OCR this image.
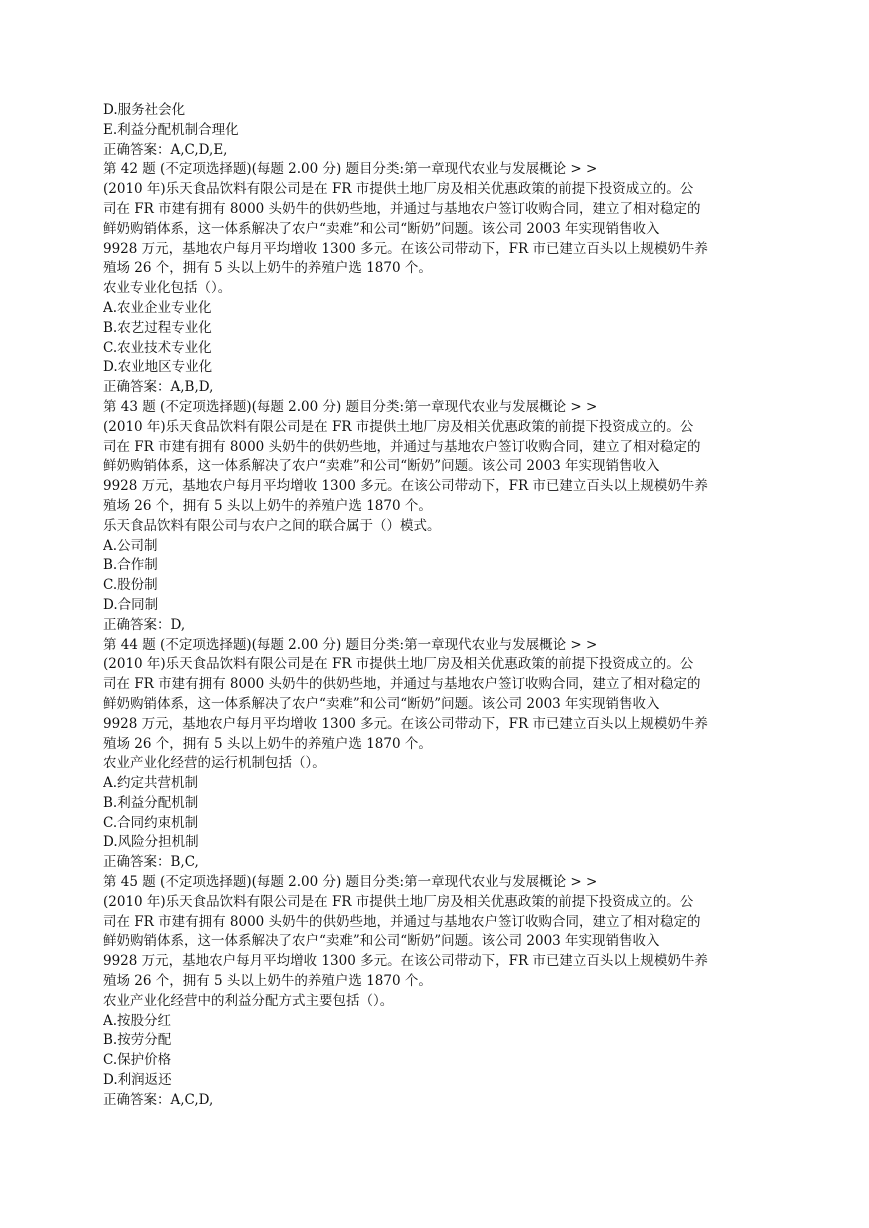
D.服务社会化
E.利益分配机制合理化
正确答案：A,C,D,E,
第 42 题 (不定项选择题)(每题 2.00 分) 题目分类:第一章现代农业与发展概论 > >
(2010 年)乐天食品饮料有限公司是在 FR 市提供土地厂房及相关优惠政策的前提下投资成立的。公
司在 FR 市建有拥有 8000 头奶牛的供奶些地，并通过与基地农户签订收购合同，建立了相对稳定的
鲜奶购销体系，这一体系解决了农户“卖难”和公司“断奶”问题。该公司 2003 年实现销售收入
9928 万元，基地农户每月平均增收 1300 多元。在该公司带动下，FR 市已建立百头以上规模奶牛养
殖场 26 个，拥有 5 头以上奶牛的养殖户选 1870 个。
农业专业化包括（）。
A.农业企业专业化
B.农艺过程专业化
C.农业技术专业化
D.农业地区专业化
正确答案：A,B,D,
第 43 题 (不定项选择题)(每题 2.00 分) 题目分类:第一章现代农业与发展概论 > >
(2010 年)乐天食品饮料有限公司是在 FR 市提供土地厂房及相关优惠政策的前提下投资成立的。公
司在 FR 市建有拥有 8000 头奶牛的供奶些地，并通过与基地农户签订收购合同，建立了相对稳定的
鲜奶购销体系，这一体系解决了农户“卖难”和公司“断奶”问题。该公司 2003 年实现销售收入
9928 万元，基地农户每月平均增收 1300 多元。在该公司带动下，FR 市已建立百头以上规模奶牛养
殖场 26 个，拥有 5 头以上奶牛的养殖户选 1870 个。
乐天食品饮料有限公司与农户之间的联合属于（）模式。
A.公司制
B.合作制
C.股份制
D.合同制
正确答案：D,
第 44 题 (不定项选择题)(每题 2.00 分) 题目分类:第一章现代农业与发展概论 > >
(2010 年)乐天食品饮料有限公司是在 FR 市提供土地厂房及相关优惠政策的前提下投资成立的。公
司在 FR 市建有拥有 8000 头奶牛的供奶些地，并通过与基地农户签订收购合同，建立了相对稳定的
鲜奶购销体系，这一体系解决了农户“卖难”和公司“断奶”问题。该公司 2003 年实现销售收入
9928 万元，基地农户每月平均增收 1300 多元。在该公司带动下，FR 市已建立百头以上规模奶牛养
殖场 26 个，拥有 5 头以上奶牛的养殖户选 1870 个。
农业产业化经营的运行机制包括（）。
A.约定共营机制
B.利益分配机制
C.合同约束机制
D.风险分担机制
正确答案：B,C,
第 45 题 (不定项选择题)(每题 2.00 分) 题目分类:第一章现代农业与发展概论 > >
(2010 年)乐天食品饮料有限公司是在 FR 市提供土地厂房及相关优惠政策的前提下投资成立的。公
司在 FR 市建有拥有 8000 头奶牛的供奶些地，并通过与基地农户签订收购合同，建立了相对稳定的
鲜奶购销体系，这一体系解决了农户“卖难”和公司“断奶”问题。该公司 2003 年实现销售收入
9928 万元，基地农户每月平均增收 1300 多元。在该公司带动下，FR 市已建立百头以上规模奶牛养
殖场 26 个，拥有 5 头以上奶牛的养殖户选 1870 个。
农业产业化经营中的利益分配方式主要包括（）。
A.按股分红
B.按劳分配
C.保护价格
D.利润返还
正确答案：A,C,D,
